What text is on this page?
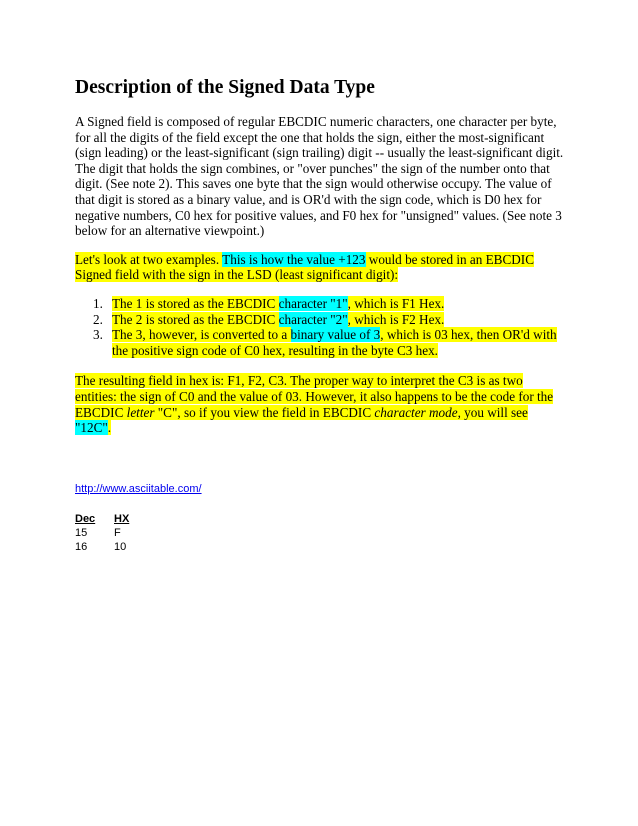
Description of the Signed Data Type

A Signed field is composed of regular EBCDIC numeric characters, one character per byte, for all the digits of the field except the one that holds the sign, either the most-significant (sign leading) or the least-significant (sign trailing) digit -- usually the least-significant digit. The digit that holds the sign combines, or "over punches" the sign of the number onto that digit. (See note 2). This saves one byte that the sign would otherwise occupy. The value of that digit is stored as a binary value, and is OR'd with the sign code, which is D0 hex for negative numbers, C0 hex for positive values, and F0 hex for "unsigned" values. (See note 3 below for an alternative viewpoint.)

Let's look at two examples. This is how the value +123 would be stored in an EBCDIC Signed field with the sign in the LSD (least significant digit):

1. The 1 is stored as the EBCDIC character "1", which is F1 Hex.
2. The 2 is stored as the EBCDIC character "2", which is F2 Hex.
3. The 3, however, is converted to a binary value of 3, which is 03 hex, then OR'd with the positive sign code of C0 hex, resulting in the byte C3 hex.

The resulting field in hex is: F1, F2, C3. The proper way to interpret the C3 is as two entities: the sign of C0 and the value of 03. However, it also happens to be the code for the EBCDIC letter "C", so if you view the field in EBCDIC character mode, you will see "12C".

http://www.asciitable.com/
Dec	HX
15	F
16	10
